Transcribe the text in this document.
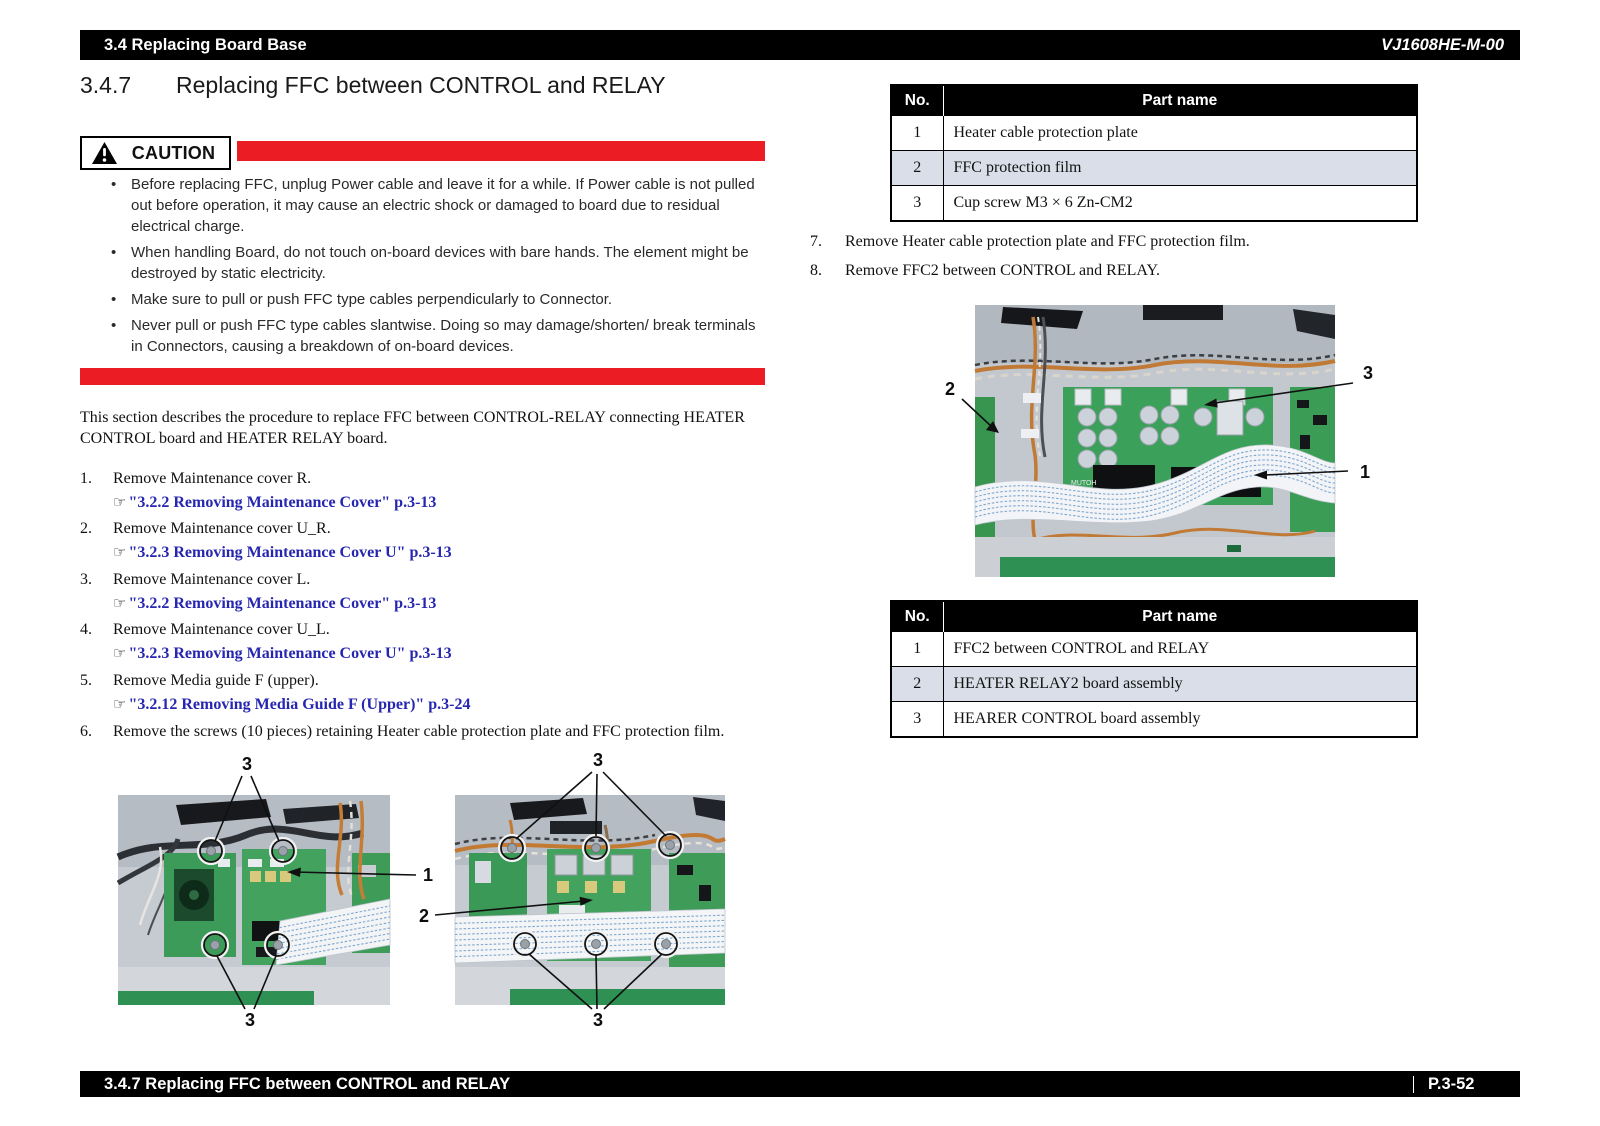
3.4 Replacing Board Base	VJ1608HE-M-00
3.4.7	Replacing FFC between CONTROL and RELAY
CAUTION
• Before replacing FFC, unplug Power cable and leave it for a while. If Power cable is not pulled out before operation, it may cause an electric shock or damaged to board due to residual electrical charge.
• When handling Board, do not touch on-board devices with bare hands. The element might be destroyed by static electricity.
• Make sure to pull or push FFC type cables perpendicularly to Connector.
• Never pull or push FFC type cables slantwise. Doing so may damage/shorten/ break terminals in Connectors, causing a breakdown of on-board devices.
This section describes the procedure to replace FFC between CONTROL-RELAY connecting HEATER CONTROL board and HEATER RELAY board.
1.	Remove Maintenance cover R.
☞ "3.2.2 Removing Maintenance Cover" p.3-13
2.	Remove Maintenance cover U_R.
☞ "3.2.3 Removing Maintenance Cover U" p.3-13
3.	Remove Maintenance cover L.
☞ "3.2.2 Removing Maintenance Cover" p.3-13
4.	Remove Maintenance cover U_L.
☞ "3.2.3 Removing Maintenance Cover U" p.3-13
5.	Remove Media guide F (upper).
☞ "3.2.12 Removing Media Guide F (Upper)" p.3-24
6.	Remove the screws (10 pieces) retaining Heater cable protection plate and FFC protection film.
3
3
3
3
1
2
No.	Part name
1	Heater cable protection plate
2	FFC protection film
3	Cup screw M3 × 6 Zn-CM2
7.	Remove Heater cable protection plate and FFC protection film.
8.	Remove FFC2 between CONTROL and RELAY.
MUTOH
2
3
1
No.	Part name
1	FFC2 between CONTROL and RELAY
2	HEATER RELAY2 board assembly
3	HEARER CONTROL board assembly
3.4.7 Replacing FFC between CONTROL and RELAY	P.3-52
